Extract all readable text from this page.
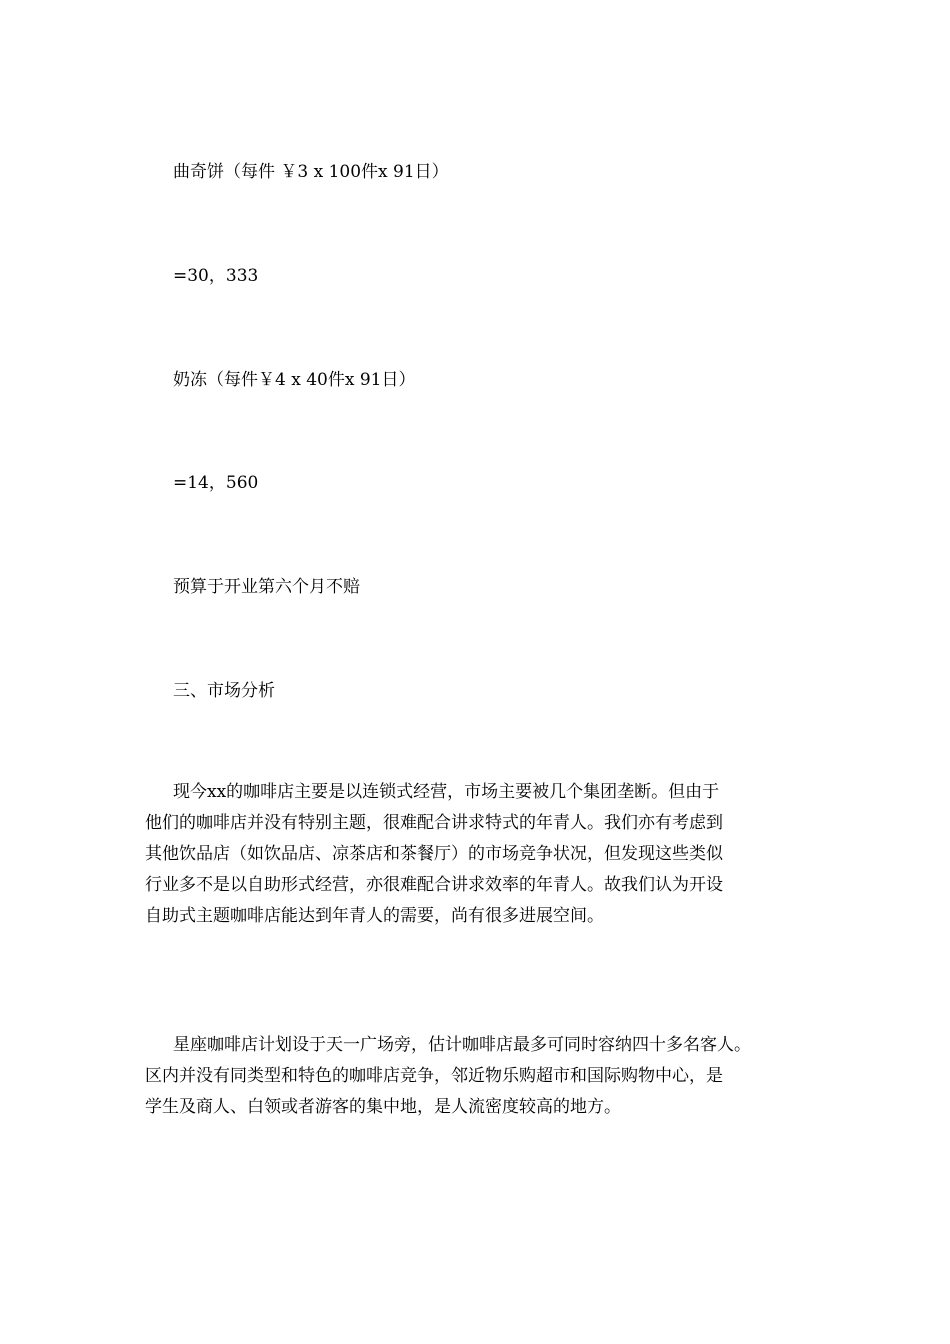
曲奇饼（每件 ￥3 x 100件x 91日）
=30，333
奶冻（每件￥4 x 40件x 91日）
=14，560
预算于开业第六个月不赔
三、市场分析
现今xx的咖啡店主要是以连锁式经营，市场主要被几个集团垄断。但由于
他们的咖啡店并没有特别主题，很难配合讲求特式的年青人。我们亦有考虑到
其他饮品店（如饮品店、凉茶店和茶餐厅）的市场竞争状况，但发现这些类似
行业多不是以自助形式经营，亦很难配合讲求效率的年青人。故我们认为开设
自助式主题咖啡店能达到年青人的需要，尚有很多进展空间。
星座咖啡店计划设于天一广场旁，估计咖啡店最多可同时容纳四十多名客人。
区内并没有同类型和特色的咖啡店竞争，邻近物乐购超市和国际购物中心，是
学生及商人、白领或者游客的集中地，是人流密度较高的地方。
